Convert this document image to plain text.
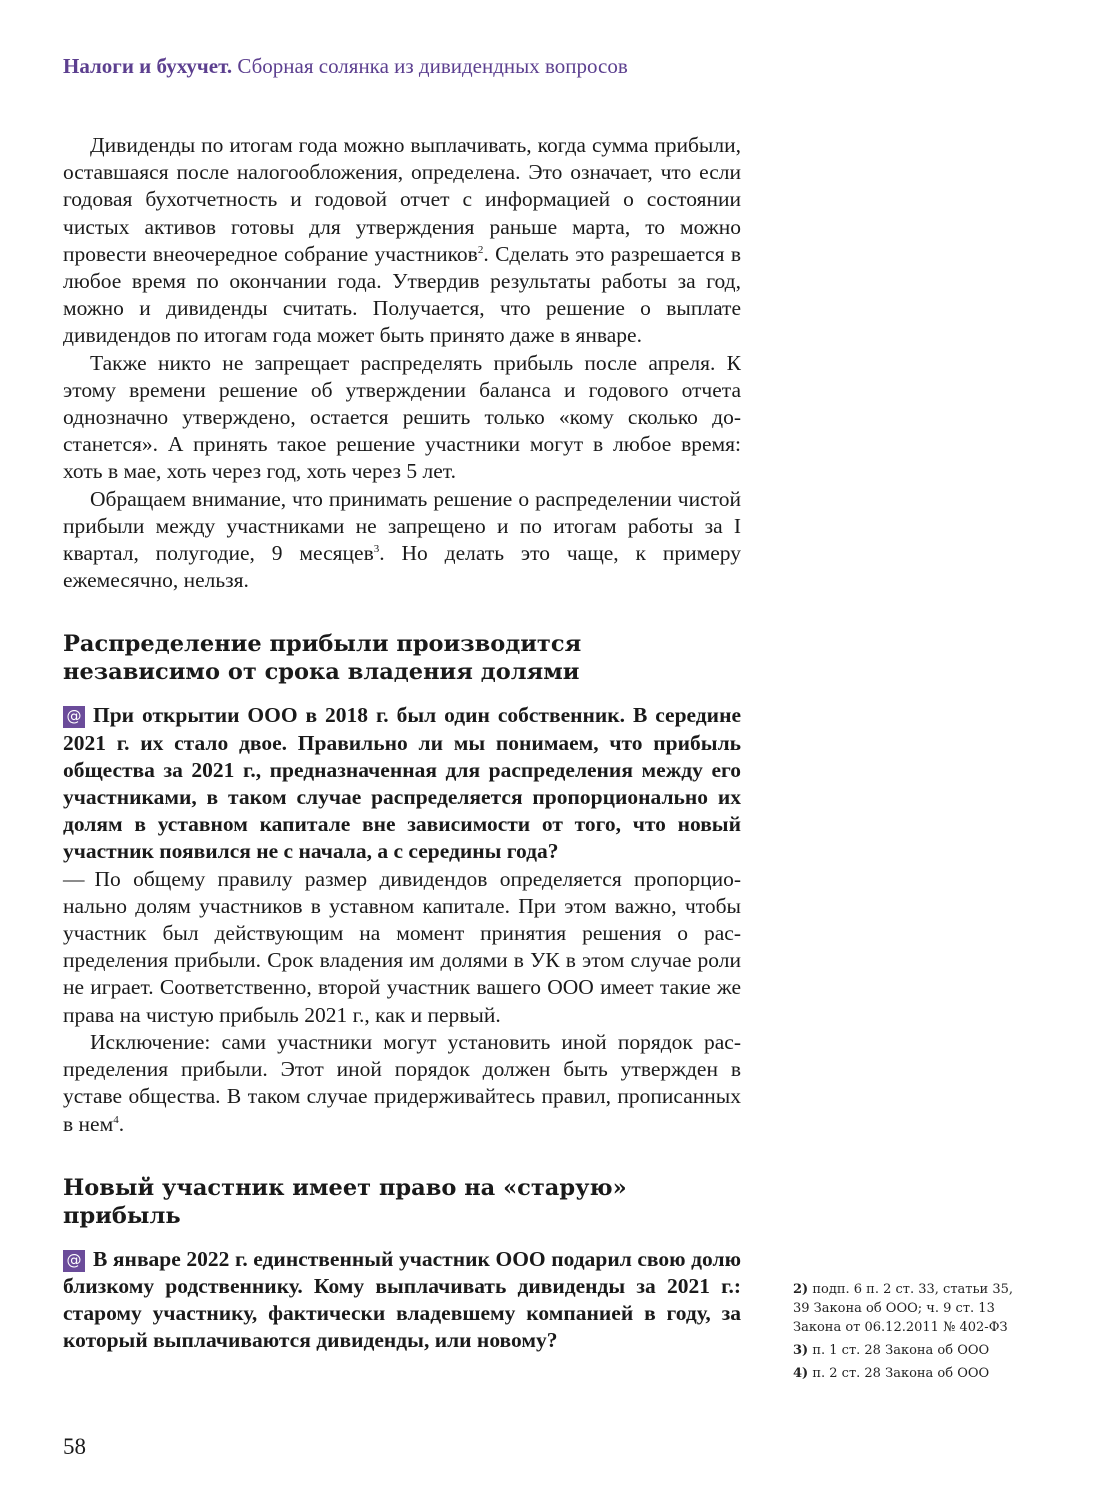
Налоги и бухучет. Сборная солянка из дивидендных вопросов

Дивиденды по итогам года можно выплачивать, когда сумма прибыли, оставшаяся после налогообложения, определена. Это означает, что если годовая бухотчетность и годовой отчет с информацией о состоянии чистых активов готовы для утверждения раньше марта, то можно провести внеочередное собрание участников$^2$. Сделать это разрешается в любое время по окончании года. Утвердив результаты работы за год, можно и дивиденды считать. Получается, что решение о выплате дивидендов по итогам года может быть принято даже в январе.

Также никто не запрещает распределять прибыль после апреля. К этому времени решение об утверждении баланса и годового отчета однозначно утверждено, остается решить только «кому сколько достанется». А принять такое решение участники могут в любое время: хоть в мае, хоть через год, хоть через 5 лет.

Обращаем внимание, что принимать решение о распределении чистой прибыли между участниками не запрещено и по итогам работы за I квартал, полугодие, 9 месяцев$^3$. Но делать это чаще, к примеру ежемесячно, нельзя.

Распределение прибыли производится
независимо от срока владения долями

@ При открытии ООО в 2018 г. был один собственник. В середине 2021 г. их стало двое. Правильно ли мы понимаем, что прибыль общества за 2021 г., предназначенная для распределения между его участниками, в таком случае распределяется пропорционально их долям в уставном капитале вне зависимости от того, что новый участник появился не с начала, а с середины года?

— По общему правилу размер дивидендов определяется пропорционально долям участников в уставном капитале. При этом важно, чтобы участник был действующим на момент принятия решения о распределения прибыли. Срок владения им долями в УК в этом случае роли не играет. Соответственно, второй участник вашего ООО имеет такие же права на чистую прибыль 2021 г., как и первый.

Исключение: сами участники могут установить иной порядок распределения прибыли. Этот иной порядок должен быть утвержден в уставе общества. В таком случае придерживайтесь правил, прописанных в нем$^4$.

Новый участник имеет право на «старую»
прибыль

@ В январе 2022 г. единственный участник ООО подарил свою долю близкому родственнику. Кому выплачивать дивиденды за 2021 г.: старому участнику, фактически владевшему компанией в году, за который выплачиваются дивиденды, или новому?

2) подп. 6 п. 2 ст. 33, статьи 35, 39 Закона об ООО; ч. 9 ст. 13 Закона от 06.12.2011 № 402-ФЗ

3) п. 1 ст. 28 Закона об ООО

4) п. 2 ст. 28 Закона об ООО

58
